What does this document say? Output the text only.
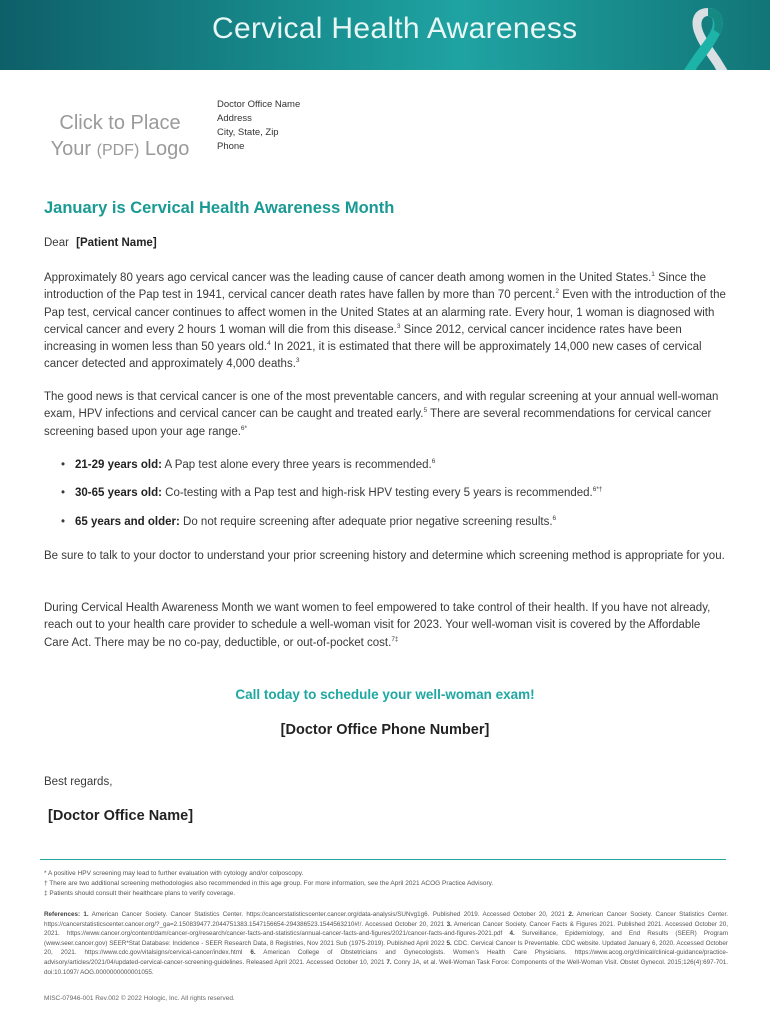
Cervical Health Awareness
Click to Place
Your (PDF) Logo
Doctor Office Name
Address
City, State, Zip
Phone
January is Cervical Health Awareness Month
Dear [Patient Name]
Approximately 80 years ago cervical cancer was the leading cause of cancer death among women in the United States.$^1$ Since the introduction of the Pap test in 1941, cervical cancer death rates have fallen by more than 70 percent.$^2$ Even with the introduction of the Pap test, cervical cancer continues to affect women in the United States at an alarming rate. Every hour, 1 woman is diagnosed with cervical cancer and every 2 hours 1 woman will die from this disease.$^3$ Since 2012, cervical cancer incidence rates have been increasing in women less than 50 years old.$^4$ In 2021, it is estimated that there will be approximately 14,000 new cases of cervical cancer detected and approximately 4,000 deaths.$^3$
The good news is that cervical cancer is one of the most preventable cancers, and with regular screening at your annual well-woman exam, HPV infections and cervical cancer can be caught and treated early.$^5$ There are several recommendations for cervical cancer screening based upon your age range.$^{6*}$
• 21-29 years old: A Pap test alone every three years is recommended.$^6$
• 30-65 years old: Co-testing with a Pap test and high-risk HPV testing every 5 years is recommended.$^{6*\dagger}$
• 65 years and older: Do not require screening after adequate prior negative screening results.$^6$
Be sure to talk to your doctor to understand your prior screening history and determine which screening method is appropriate for you.
During Cervical Health Awareness Month we want women to feel empowered to take control of their health. If you have not already, reach out to your health care provider to schedule a well-woman visit for 2023. Your well-woman visit is covered by the Affordable Care Act. There may be no co-pay, deductible, or out-of-pocket cost.$^{7\ddagger}$
Call today to schedule your well-woman exam!
[Doctor Office Phone Number]
Best regards,
[Doctor Office Name]
* A positive HPV screening may lead to further evaluation with cytology and/or colposcopy.
† There are two additional screening methodologies also recommended in this age group. For more information, see the April 2021 ACOG Practice Advisory.
‡ Patients should consult their healthcare plans to verify coverage.
References: 1. American Cancer Society. Cancer Statistics Center. https://cancerstatisticscenter.cancer.org/data-analysis/SUNvg1g6. Published 2019. Accessed October 20, 2021 2. American Cancer Society. Cancer Statistics Center. https://cancerstatisticscenter.cancer.org/?_ga=2.150839477.2044751383.1547156654-294386523.1544563210#!/. Accessed October 20, 2021 3. American Cancer Society. Cancer Facts & Figures 2021. Published 2021. Accessed October 20, 2021. https://www.cancer.org/content/dam/cancer-org/research/cancer-facts-and-statistics/annual-cancer-facts-and-figures/2021/cancer-facts-and-figures-2021.pdf 4. Surveillance, Epidemiology, and End Results (SEER) Program (www.seer.cancer.gov) SEER*Stat Database: Incidence - SEER Research Data, 8 Registries, Nov 2021 Sub (1975-2019). Published April 2022 5. CDC. Cervical Cancer Is Preventable. CDC website. Updated January 6, 2020. Accessed October 20, 2021. https://www.cdc.gov/vitalsigns/cervical-cancer/index.html 6. American College of Obstetricians and Gynecologists. Women's Health Care Physicians. https://www.acog.org/clinical/clinical-guidance/practice-advisory/articles/2021/04/updated-cervical-cancer-screening-guidelines. Released April 2021. Accessed October 10, 2021 7. Conry JA, et al. Well-Woman Task Force: Components of the Well-Woman Visit. Obstet Gynecol. 2015;126(4):697-701. doi:10.1097/ AOG.0000000000001055.
MISC-07946-001 Rev.002 © 2022 Hologic, Inc. All rights reserved.
